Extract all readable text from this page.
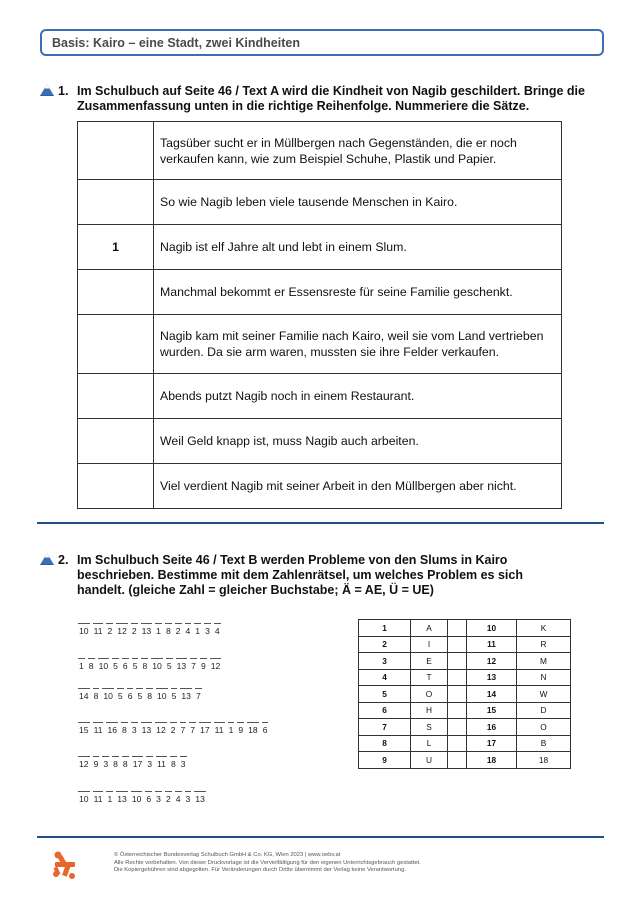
Basis: Kairo – eine Stadt, zwei Kindheiten
1. Im Schulbuch auf Seite 46 / Text A wird die Kindheit von Nagib geschildert. Bringe die
Zusammenfassung unten in die richtige Reihenfolge. Nummeriere die Sätze.

	Tagsüber sucht er in Müllbergen nach Gegenständen, die er noch
verkaufen kann, wie zum Beispiel Schuhe, Plastik und Papier.

	So wie Nagib leben viele tausende Menschen in Kairo.

1	Nagib ist elf Jahre alt und lebt in einem Slum.

	Manchmal bekommt er Essensreste für seine Familie geschenkt.

	Nagib kam mit seiner Familie nach Kairo, weil sie vom Land vertrieben
wurden. Da sie arm waren, mussten sie ihre Felder verkaufen.

	Abends putzt Nagib noch in einem Restaurant.

	Weil Geld knapp ist, muss Nagib auch arbeiten.

	Viel verdient Nagib mit seiner Arbeit in den Müllbergen aber nicht.
2. Im Schulbuch Seite 46 / Text B werden Probleme von den Slums in Kairo
beschrieben. Bestimme mit dem Zahlenrätsel, um welches Problem es sich
handelt. (gleiche Zahl = gleicher Buchstabe; Ä = AE, Ü = UE)
10 11 2 12 2 13 1 8 2 4 1 3 4
1 8 10 5 6 5 8 10 5 13 7 9 12
14 8 10 5 6 5 8 10 5 13 7
15 11 16 8 3 13 12 2 7 7 17 11 1 9 18 6
12 9 3 8 8 17 3 11 8 3
10 11 1 13 10 6 3 2 4 3 13
1	A		10	K
2	I		11	R
3	E		12	M
4	T		13	N
5	O		14	W
6	H		15	D
7	S		16	O
8	L		17	B
9	U		18	18
© Österreichischer Bundesverlag Schulbuch GmbH & Co. KG, Wien 2023 | www.oebv.at
Alle Rechte vorbehalten. Von dieser Druckvorlage ist die Vervielfältigung für den eigenen Unterrichtsgebrauch gestattet.
Die Kopiergebühren sind abgegolten. Für Veränderungen durch Dritte übernimmt der Verlag keine Verantwortung.
